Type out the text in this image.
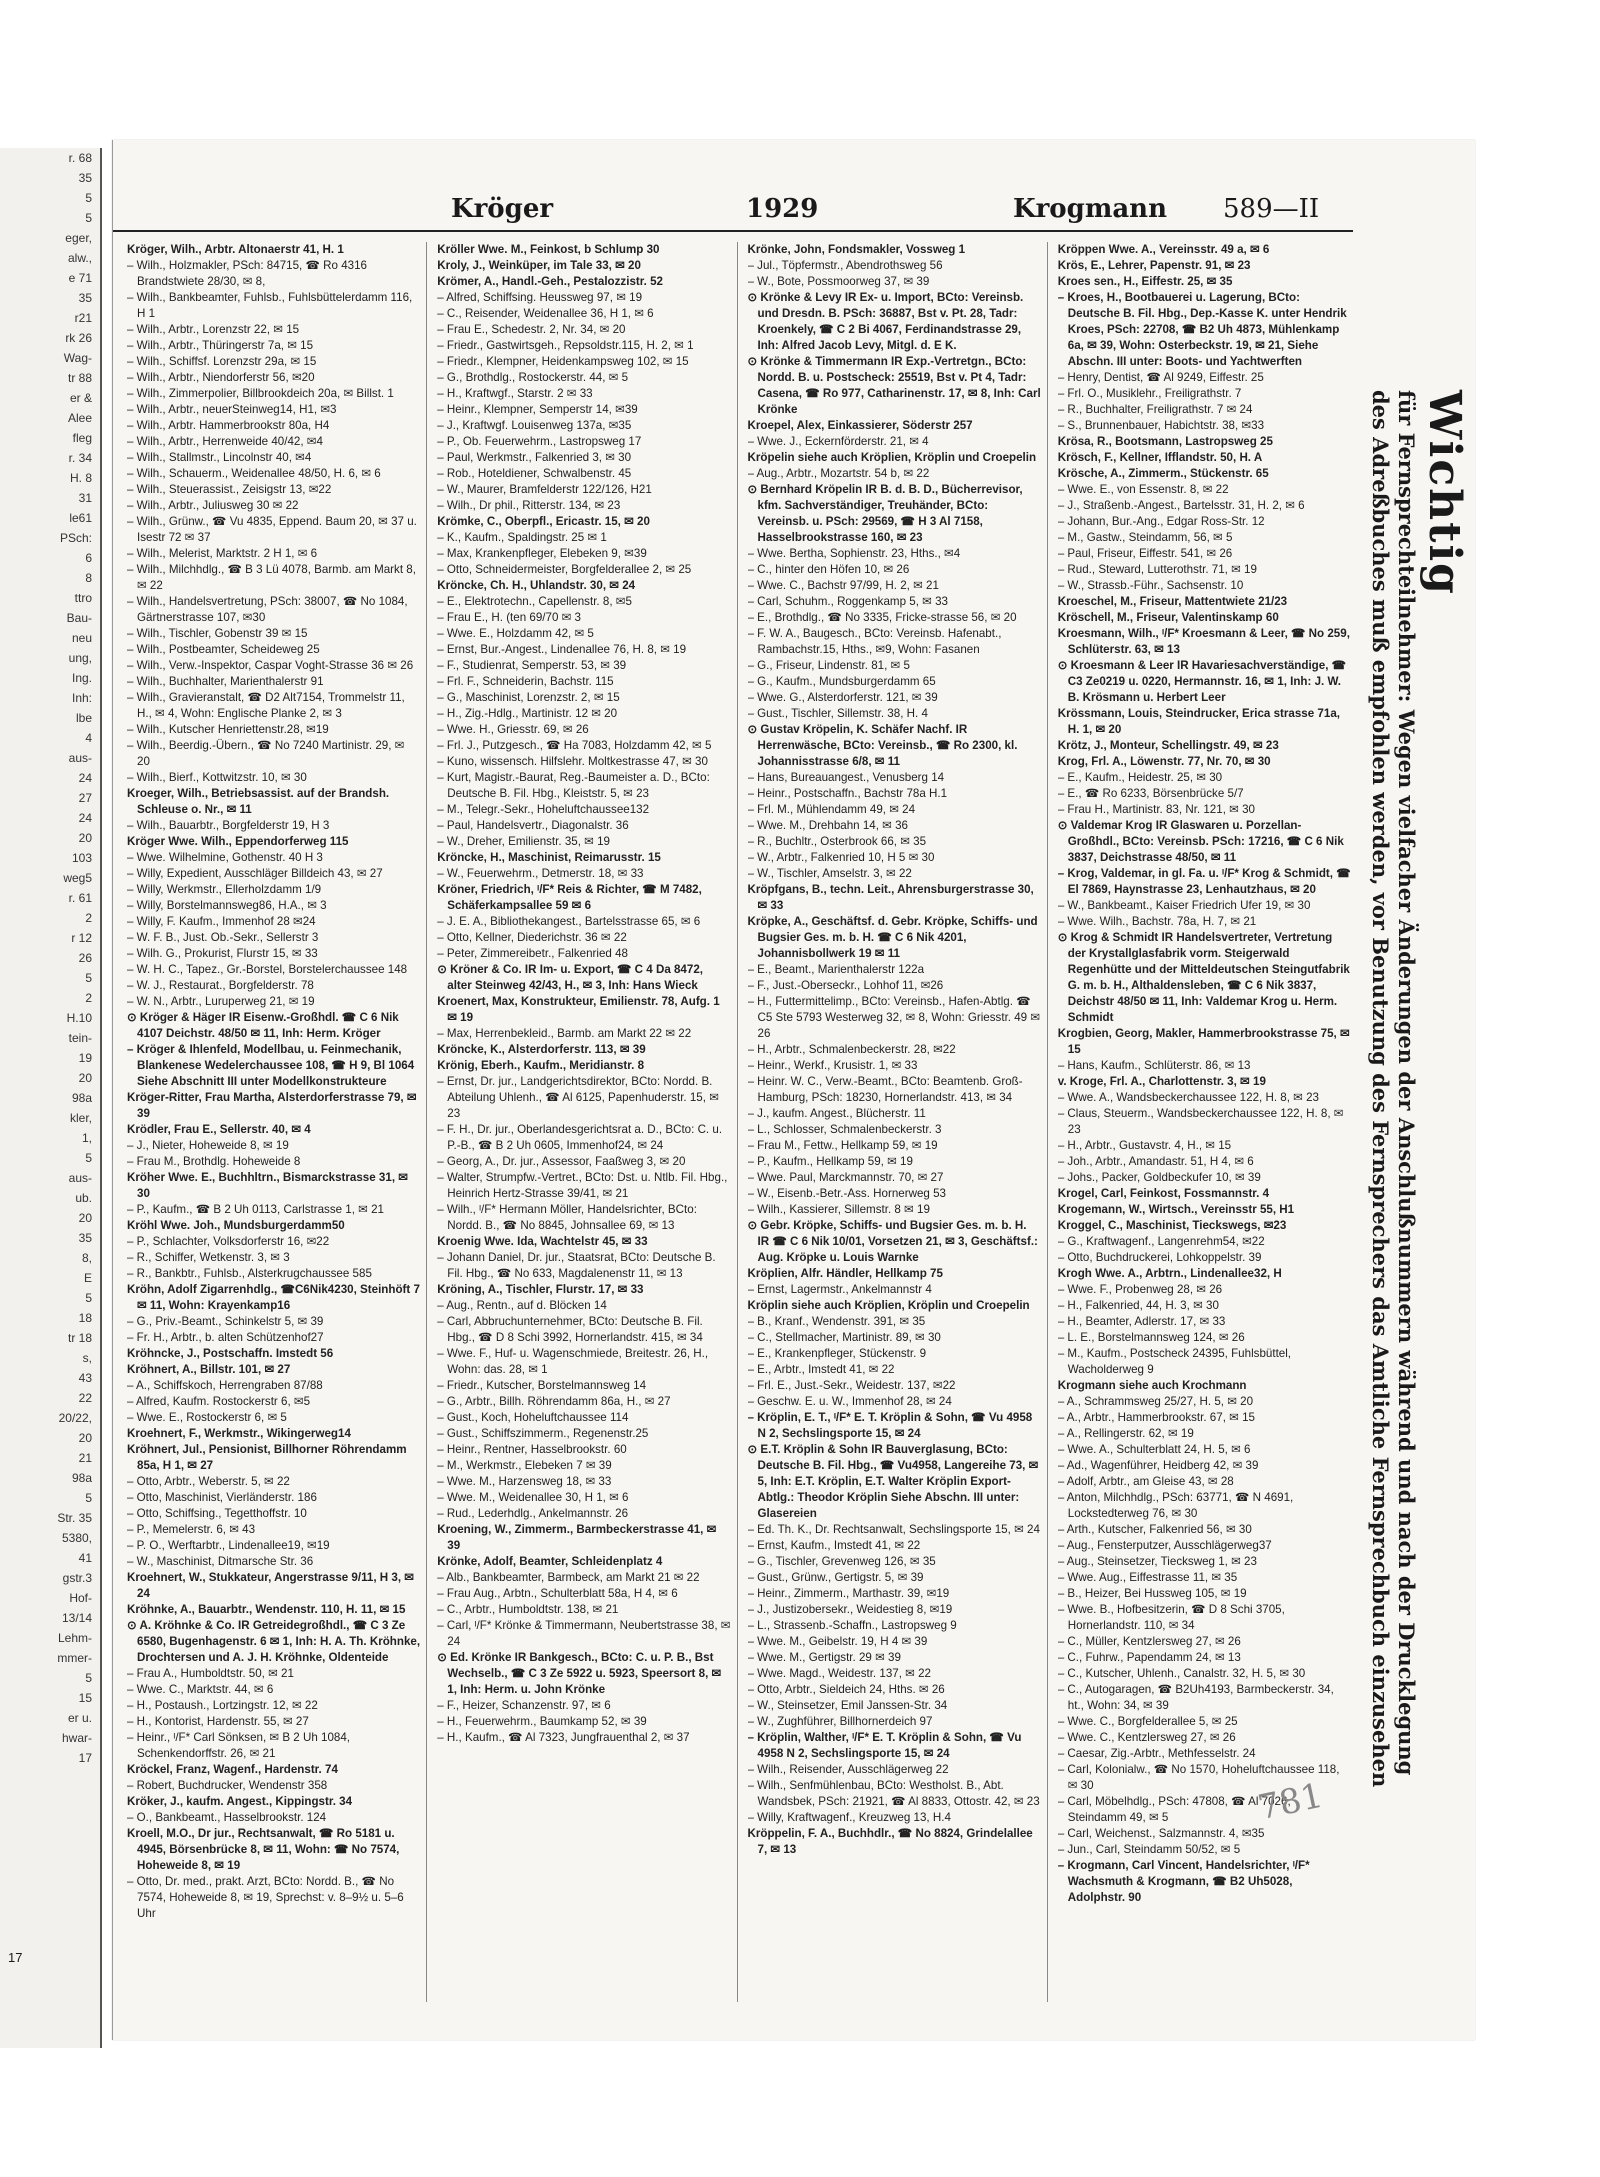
r. 68
35
5
5
eger,
alw.,
e 71
35
r21
rk 26
Wag-
tr 88
er &
Alee
fleg
r. 34
H. 8
31
le61
PSch:
6
8
ttro
Bau-
neu
ung,
Ing.
Inh:
lbe
4
aus-
24
27
24
20
103
weg5
r. 61
2
r 12
26
5
2
H.10
tein-
19
20
98a
kler,
1,
5
aus-
ub.
20
35
8,
E
5
18
tr 18
s,
43
22
20/22,
20
21
98a
5
Str. 35
5380,
41
gstr.3
Hof-
13/14
Lehm-
mmer-
5
15
er u.
hwar-
17
17
Kröger	1929	Krogmann 589—II
Kröger, Wilh., Arbtr. Altonaerstr 41, H. 1
– Wilh., Holzmakler, PSch: 84715, ☎ Ro 4316 Brandstwiete 28/30, ✉ 8,
– Wilh., Bankbeamter, Fuhlsb., Fuhlsbüttelerdamm 116, H 1
– Wilh., Arbtr., Lorenzstr 22, ✉ 15
– Wilh., Arbtr., Thüringerstr 7a, ✉ 15
– Wilh., Schiffsf. Lorenzstr 29a, ✉ 15
– Wilh., Arbtr., Niendorferstr 56, ✉20
– Wilh., Zimmerpolier, Billbrookdeich 20a, ✉ Billst. 1
– Wilh., Arbtr., neuerSteinweg14, H1, ✉3
– Wilh., Arbtr. Hammerbrookstr 80a, H4
– Wilh., Arbtr., Herrenweide 40/42, ✉4
– Wilh., Stallmstr., Lincolnstr 40, ✉4
– Wilh., Schauerm., Weidenallee 48/50, H. 6, ✉ 6
– Wilh., Steuerassist., Zeisigstr 13, ✉22
– Wilh., Arbtr., Juliusweg 30 ✉ 22
– Wilh., Grünw., ☎ Vu 4835, Eppend. Baum 20, ✉ 37 u. Isestr 72 ✉ 37
– Wilh., Melerist, Marktstr. 2 H 1, ✉ 6
– Wilh., Milchhdlg., ☎ B 3 Lü 4078, Barmb. am Markt 8, ✉ 22
– Wilh., Handelsvertretung, PSch: 38007, ☎ No 1084, Gärtnerstrasse 107, ✉30
– Wilh., Tischler, Gobenstr 39 ✉ 15
– Wilh., Postbeamter, Scheideweg 25
– Wilh., Verw.-Inspektor, Caspar Voght-Strasse 36 ✉ 26
– Wilh., Buchhalter, Marienthalerstr 91
– Wilh., Gravieranstalt, ☎ D2 Alt7154, Trommelstr 11, H., ✉ 4, Wohn: Englische Planke 2, ✉ 3
– Wilh., Kutscher Henriettenstr.28, ✉19
– Wilh., Beerdig.-Übern., ☎ No 7240 Martinistr. 29, ✉ 20
– Wilh., Bierf., Kottwitzstr. 10, ✉ 30
Kroeger, Wilh., Betriebsassist. auf der Brandsh. Schleuse o. Nr., ✉ 11
– Wilh., Bauarbtr., Borgfelderstr 19, H 3
Kröger Wwe. Wilh., Eppendorferweg 115
– Wwe. Wilhelmine, Gothenstr. 40 H 3
– Willy, Expedient, Ausschläger Billdeich 43, ✉ 27
– Willy, Werkmstr., Ellerholzdamm 1/9
– Willy, Borstelmannsweg86, H.A., ✉ 3
– Willy, F. Kaufm., Immenhof 28 ✉24
– W. F. B., Just. Ob.-Sekr., Sellerstr 3
– Wilh. G., Prokurist, Flurstr 15, ✉ 33
– W. H. C., Tapez., Gr.-Borstel, Borstelerchaussee 148
– W. J., Restaurat., Borgfelderstr. 78
– W. N., Arbtr., Luruperweg 21, ✉ 19
⊙ Kröger & Häger IR Eisenw.-Großhdl. ☎ C 6 Nik 4107 Deichstr. 48/50 ✉ 11, Inh: Herm. Kröger
– Kröger & Ihlenfeld, Modellbau, u. Feinmechanik, Blankenese Wedelerchaussee 108, ☎ H 9, Bl 1064 Siehe Abschnitt III unter Modellkonstrukteure
Kröger-Ritter, Frau Martha, Alsterdorferstrasse 79, ✉ 39
Krödler, Frau E., Sellerstr. 40, ✉ 4
– J., Nieter, Hoheweide 8, ✉ 19
– Frau M., Brothdlg. Hoheweide 8
Kröher Wwe. E., Buchhltrn., Bismarckstrasse 31, ✉ 30
– P., Kaufm., ☎ B 2 Uh 0113, Carlstrasse 1, ✉ 21
Kröhl Wwe. Joh., Mundsburgerdamm50
– P., Schlachter, Volksdorferstr 16, ✉22
– R., Schiffer, Wetkenstr. 3, ✉ 3
– R., Bankbtr., Fuhlsb., Alsterkrugchaussee 585
Kröhn, Adolf Zigarrenhdlg., ☎C6Nik4230, Steinhöft 7 ✉ 11, Wohn: Krayenkamp16
– G., Priv.-Beamt., Schinkelstr 5, ✉ 39
– Fr. H., Arbtr., b. alten Schützenhof27
Kröhncke, J., Postschaffn. Imstedt 56
Kröhnert, A., Billstr. 101, ✉ 27
– A., Schiffskoch, Herrengraben 87/88
– Alfred, Kaufm. Rostockerstr 6, ✉5
– Wwe. E., Rostockerstr 6, ✉ 5
Kroehnert, F., Werkmstr., Wikingerweg14
Kröhnert, Jul., Pensionist, Billhorner Röhrendamm 85a, H 1, ✉ 27
– Otto, Arbtr., Weberstr. 5, ✉ 22
– Otto, Maschinist, Vierländerstr. 186
– Otto, Schiffsing., Tegetthoffstr. 10
– P., Memelerstr. 6, ✉ 43
– P. O., Werftarbtr., Lindenallee19, ✉19
– W., Maschinist, Ditmarsche Str. 36
Kroehnert, W., Stukkateur, Angerstrasse 9/11, H 3, ✉ 24
Kröhnke, A., Bauarbtr., Wendenstr. 110, H. 11, ✉ 15
⊙ A. Kröhnke & Co. IR Getreidegroßhdl., ☎ C 3 Ze 6580, Bugenhagenstr. 6 ✉ 1, Inh: H. A. Th. Kröhnke, Drochtersen und A. J. H. Kröhnke, Oldenteide
– Frau A., Humboldtstr. 50, ✉ 21
– Wwe. C., Marktstr. 44, ✉ 6
– H., Postaush., Lortzingstr. 12, ✉ 22
– H., Kontorist, Hardenstr. 55, ✉ 27
– Heinr., ᴵ/F* Carl Sönksen, ✉ B 2 Uh 1084, Schenkendorffstr. 26, ✉ 21
Kröckel, Franz, Wagenf., Hardenstr. 74
– Robert, Buchdrucker, Wendenstr 358
Kröker, J., kaufm. Angest., Kippingstr. 34
– O., Bankbeamt., Hasselbrookstr. 124
Kroell, M.O., Dr jur., Rechtsanwalt, ☎ Ro 5181 u. 4945, Börsenbrücke 8, ✉ 11, Wohn: ☎ No 7574, Hoheweide 8, ✉ 19
– Otto, Dr. med., prakt. Arzt, BCto: Nordd. B., ☎ No 7574, Hoheweide 8, ✉ 19, Sprechst: v. 8–9½ u. 5–6 Uhr
Kröller Wwe. M., Feinkost, b Schlump 30
Kroly, J., Weinküper, im Tale 33, ✉ 20
Krömer, A., Handl.-Geh., Pestalozzistr. 52
– Alfred, Schiffsing. Heussweg 97, ✉ 19
– C., Reisender, Weidenallee 36, H 1, ✉ 6
– Frau E., Schedestr. 2, Nr. 34, ✉ 20
– Friedr., Gastwirtsgeh., Repsoldstr.115, H. 2, ✉ 1
– Friedr., Klempner, Heidenkampsweg 102, ✉ 15
– G., Brothdlg., Rostockerstr. 44, ✉ 5
– H., Kraftwgf., Starstr. 2 ✉ 33
– Heinr., Klempner, Semperstr 14, ✉39
– J., Kraftwgf. Louisenweg 137a, ✉35
– P., Ob. Feuerwehrm., Lastropsweg 17
– Paul, Werkmstr., Falkenried 3, ✉ 30
– Rob., Hoteldiener, Schwalbenstr. 45
– W., Maurer, Bramfelderstr 122/126, H21
– Wilh., Dr phil., Ritterstr. 134, ✉ 23
Krömke, C., Oberpfl., Ericastr. 15, ✉ 20
– K., Kaufm., Spaldingstr. 25 ✉ 1
– Max, Krankenpfleger, Elebeken 9, ✉39
– Otto, Schneidermeister, Borgfelderallee 2, ✉ 25
Kröncke, Ch. H., Uhlandstr. 30, ✉ 24
– E., Elektrotechn., Capellenstr. 8, ✉5
– Frau E., H. (ten 69/70 ✉ 3
– Wwe. E., Holzdamm 42, ✉ 5
– Ernst, Bur.-Angest., Lindenallee 76, H. 8, ✉ 19
– F., Studienrat, Semperstr. 53, ✉ 39
– Frl. F., Schneiderin, Bachstr. 115
– G., Maschinist, Lorenzstr. 2, ✉ 15
– H., Zig.-Hdlg., Martinistr. 12 ✉ 20
– Wwe. H., Griesstr. 69, ✉ 26
– Frl. J., Putzgesch., ☎ Ha 7083, Holzdamm 42, ✉ 5
– Kuno, wissensch. Hilfslehr. Moltkestrasse 47, ✉ 30
– Kurt, Magistr.-Baurat, Reg.-Baumeister a. D., BCto: Deutsche B. Fil. Hbg., Kleiststr. 5, ✉ 23
– M., Telegr.-Sekr., Hoheluftchaussee132
– Paul, Handelsvertr., Diagonalstr. 36
– W., Dreher, Emilienstr. 35, ✉ 19
Kröncke, H., Maschinist, Reimarusstr. 15
– W., Feuerwehrm., Detmerstr. 18, ✉ 33
Kröner, Friedrich, ᴵ/F* Reis & Richter, ☎ M 7482, Schäferkampsallee 59 ✉ 6
– J. E. A., Bibliothekangest., Bartelsstrasse 65, ✉ 6
– Otto, Kellner, Diederichstr. 36 ✉ 22
– Peter, Zimmereibetr., Falkenried 48
⊙ Kröner & Co. IR Im- u. Export, ☎ C 4 Da 8472, alter Steinweg 42/43, H., ✉ 3, Inh: Hans Wieck
Kroenert, Max, Konstrukteur, Emilienstr. 78, Aufg. 1 ✉ 19
– Max, Herrenbekleid., Barmb. am Markt 22 ✉ 22
Kröncke, K., Alsterdorferstr. 113, ✉ 39
Krönig, Eberh., Kaufm., Meridianstr. 8
– Ernst, Dr. jur., Landgerichtsdirektor, BCto: Nordd. B. Abteilung Uhlenh., ☎ Al 6125, Papenhuderstr. 15, ✉ 23
– F. H., Dr. jur., Oberlandesgerichtsrat a. D., BCto: C. u. P.-B., ☎ B 2 Uh 0605, Immenhof24, ✉ 24
– Georg, A., Dr. jur., Assessor, Faaßweg 3, ✉ 20
– Walter, Strumpfw.-Vertret., BCto: Dst. u. Ntlb. Fil. Hbg., Heinrich Hertz-Strasse 39/41, ✉ 21
– Wilh., ᴵ/F* Hermann Möller, Handelsrichter, BCto: Nordd. B., ☎ No 8845, Johnsallee 69, ✉ 13
Kroenig Wwe. Ida, Wachtelstr 45, ✉ 33
– Johann Daniel, Dr. jur., Staatsrat, BCto: Deutsche B. Fil. Hbg., ☎ No 633, Magdalenenstr 11, ✉ 13
Kröning, A., Tischler, Flurstr. 17, ✉ 33
– Aug., Rentn., auf d. Blöcken 14
– Carl, Abbruchunternehmer, BCto: Deutsche B. Fil. Hbg., ☎ D 8 Schi 3992, Hornerlandstr. 415, ✉ 34
– Wwe. F., Huf- u. Wagenschmiede, Breitestr. 26, H., Wohn: das. 28, ✉ 1
– Friedr., Kutscher, Borstelmannsweg 14
– G., Arbtr., Billh. Röhrendamm 86a, H., ✉ 27
– Gust., Koch, Hoheluftchaussee 114
– Gust., Schiffszimmerm., Regenenstr.25
– Heinr., Rentner, Hasselbrookstr. 60
– M., Werkmstr., Elebeken 7 ✉ 39
– Wwe. M., Harzensweg 18, ✉ 33
– Wwe. M., Weidenallee 30, H 1, ✉ 6
– Rud., Lederhdlg., Ankelmannstr. 26
Kroening, W., Zimmerm., Barmbeckerstrasse 41, ✉ 39
Krönke, Adolf, Beamter, Schleidenplatz 4
– Alb., Bankbeamter, Barmbeck, am Markt 21 ✉ 22
– Frau Aug., Arbtn., Schulterblatt 58a, H 4, ✉ 6
– C., Arbtr., Humboldtstr. 138, ✉ 21
– Carl, ᴵ/F* Krönke & Timmermann, Neubertstrasse 38, ✉ 24
⊙ Ed. Krönke IR Bankgesch., BCto: C. u. P. B., Bst Wechselb., ☎ C 3 Ze 5922 u. 5923, Speersort 8, ✉ 1, Inh: Herm. u. John Krönke
– F., Heizer, Schanzenstr. 97, ✉ 6
– H., Feuerwehrm., Baumkamp 52, ✉ 39
– H., Kaufm., ☎ Al 7323, Jungfrauenthal 2, ✉ 37
Krönke, John, Fondsmakler, Vossweg 1
– Jul., Töpfermstr., Abendrothsweg 56
– W., Bote, Possmoorweg 37, ✉ 39
⊙ Krönke & Levy IR Ex- u. Import, BCto: Vereinsb. und Dresdn. B. PSch: 36887, Bst v. Pt. 28, Tadr: Kroenkely, ☎ C 2 Bi 4067, Ferdinandstrasse 29, Inh: Alfred Jacob Levy, Mitgl. d. E K.
⊙ Krönke & Timmermann IR Exp.-Vertretgn., BCto: Nordd. B. u. Postscheck: 25519, Bst v. Pt 4, Tadr: Casena, ☎ Ro 977, Catharinenstr. 17, ✉ 8, Inh: Carl Krönke
Kroepel, Alex, Einkassierer, Söderstr 257
– Wwe. J., Eckernförderstr. 21, ✉ 4
Kröpelin siehe auch Kröplien, Kröplin und Croepelin
– Aug., Arbtr., Mozartstr. 54 b, ✉ 22
⊙ Bernhard Kröpelin IR B. d. B. D., Bücherrevisor, kfm. Sachverständiger, Treuhänder, BCto: Vereinsb. u. PSch: 29569, ☎ H 3 Al 7158, Hasselbrookstrasse 160, ✉ 23
– Wwe. Bertha, Sophienstr. 23, Hths., ✉4
– C., hinter den Höfen 10, ✉ 26
– Wwe. C., Bachstr 97/99, H. 2, ✉ 21
– Carl, Schuhm., Roggenkamp 5, ✉ 33
– E., Brothdlg., ☎ No 3335, Fricke-strasse 56, ✉ 20
– F. W. A., Baugesch., BCto: Vereinsb. Hafenabt., Rambachstr.15, Hths., ✉9, Wohn: Fasanen
– G., Friseur, Lindenstr. 81, ✉ 5
– G., Kaufm., Mundsburgerdamm 65
– Wwe. G., Alsterdorferstr. 121, ✉ 39
– Gust., Tischler, Sillemstr. 38, H. 4
⊙ Gustav Kröpelin, K. Schäfer Nachf. IR Herrenwäsche, BCto: Vereinsb., ☎ Ro 2300, kl. Johannisstrasse 6/8, ✉ 11
– Hans, Bureauangest., Venusberg 14
– Heinr., Postschaffn., Bachstr 78a H.1
– Frl. M., Mühlendamm 49, ✉ 24
– Wwe. M., Drehbahn 14, ✉ 36
– R., Buchltr., Osterbrook 66, ✉ 35
– W., Arbtr., Falkenried 10, H 5 ✉ 30
– W., Tischler, Amselstr. 3, ✉ 22
Kröpfgans, B., techn. Leit., Ahrensburgerstrasse 30, ✉ 33
Kröpke, A., Geschäftsf. d. Gebr. Kröpke, Schiffs- und Bugsier Ges. m. b. H. ☎ C 6 Nik 4201, Johannisbollwerk 19 ✉ 11
– E., Beamt., Marienthalerstr 122a
– F., Just.-Oberseckr., Lohhof 11, ✉26
– H., Futtermittelimp., BCto: Vereinsb., Hafen-Abtlg. ☎ C5 Ste 5793 Westerweg 32, ✉ 8, Wohn: Griesstr. 49 ✉ 26
– H., Arbtr., Schmalenbeckerstr. 28, ✉22
– Heinr., Werkf., Krusistr. 1, ✉ 33
– Heinr. W. C., Verw.-Beamt., BCto: Beamtenb. Groß-Hamburg, PSch: 18230, Hornerlandstr. 413, ✉ 34
– J., kaufm. Angest., Blücherstr. 11
– L., Schlosser, Schmalenbeckerstr. 3
– Frau M., Fettw., Hellkamp 59, ✉ 19
– P., Kaufm., Hellkamp 59, ✉ 19
– Wwe. Paul, Marckmannstr. 70, ✉ 27
– W., Eisenb.-Betr.-Ass. Hornerweg 53
– Wilh., Kassierer, Sillemstr. 8 ✉ 19
⊙ Gebr. Kröpke, Schiffs- und Bugsier Ges. m. b. H. IR ☎ C 6 Nik 10/01, Vorsetzen 21, ✉ 3, Geschäftsf.: Aug. Kröpke u. Louis Warnke
Kröplien, Alfr. Händler, Hellkamp 75
– Ernst, Lagermstr., Ankelmannstr 4
Kröplin siehe auch Kröplien, Kröplin und Croepelin
– B., Kranf., Wendenstr. 391, ✉ 35
– C., Stellmacher, Martinistr. 89, ✉ 30
– E., Krankenpfleger, Stückenstr. 9
– E., Arbtr., Imstedt 41, ✉ 22
– Frl. E., Just.-Sekr., Weidestr. 137, ✉22
– Geschw. E. u. W., Immenhof 28, ✉ 24
– Kröplin, E. T., ᴵ/F* E. T. Kröplin & Sohn, ☎ Vu 4958 N 2, Sechslingsporte 15, ✉ 24
⊙ E.T. Kröplin & Sohn IR Bauverglasung, BCto: Deutsche B. Fil. Hbg., ☎ Vu4958, Langereihe 73, ✉ 5, Inh: E.T. Kröplin, E.T. Walter Kröplin Export-Abtlg.: Theodor Kröplin Siehe Abschn. III unter: Glasereien
– Ed. Th. K., Dr. Rechtsanwalt, Sechslingsporte 15, ✉ 24
– Ernst, Kaufm., Imstedt 41, ✉ 22
– G., Tischler, Grevenweg 126, ✉ 35
– Gust., Grünw., Gertigstr. 5, ✉ 39
– Heinr., Zimmerm., Marthastr. 39, ✉19
– J., Justizobersekr., Weidestieg 8, ✉19
– L., Strassenb.-Schaffn., Lastropsweg 9
– Wwe. M., Geibelstr. 19, H 4 ✉ 39
– Wwe. M., Gertigstr. 29 ✉ 39
– Wwe. Magd., Weidestr. 137, ✉ 22
– Otto, Arbtr., Sieldeich 24, Hths. ✉ 26
– W., Steinsetzer, Emil Janssen-Str. 34
– W., Zughführer, Billhornerdeich 97
– Kröplin, Walther, ᴵ/F* E. T. Kröplin & Sohn, ☎ Vu 4958 N 2, Sechslingsporte 15, ✉ 24
– Wilh., Reisender, Ausschlägerweg 22
– Wilh., Senfmühlenbau, BCto: Westholst. B., Abt. Wandsbek, PSch: 21921, ☎ Al 8833, Ottostr. 42, ✉ 23
– Willy, Kraftwagenf., Kreuzweg 13, H.4
Kröppelin, F. A., Buchhdlr., ☎ No 8824, Grindelallee 7, ✉ 13
Kröppen Wwe. A., Vereinsstr. 49 a, ✉ 6
Krös, E., Lehrer, Papenstr. 91, ✉ 23
Kroes sen., H., Eiffestr. 25, ✉ 35
– Kroes, H., Bootbauerei u. Lagerung, BCto: Deutsche B. Fil. Hbg., Dep.-Kasse K. unter Hendrik Kroes, PSch: 22708, ☎ B2 Uh 4873, Mühlenkamp 6a, ✉ 39, Wohn: Osterbeckstr. 19, ✉ 21, Siehe Abschn. III unter: Boots- und Yachtwerften
– Henry, Dentist, ☎ Al 9249, Eiffestr. 25
– Frl. O., Musiklehr., Freiligrathstr. 7
– R., Buchhalter, Freiligrathstr. 7 ✉ 24
– S., Brunnenbauer, Habichtstr. 38, ✉33
Krösa, R., Bootsmann, Lastropsweg 25
Krösch, F., Kellner, Ifflandstr. 50, H. A
Krösche, A., Zimmerm., Stückenstr. 65
– Wwe. E., von Essenstr. 8, ✉ 22
– J., Straßenb.-Angest., Bartelsstr. 31, H. 2, ✉ 6
– Johann, Bur.-Ang., Edgar Ross-Str. 12
– M., Gastw., Steindamm, 56, ✉ 5
– Paul, Friseur, Eiffestr. 541, ✉ 26
– Rud., Steward, Lutterothstr. 71, ✉ 19
– W., Strassb.-Führ., Sachsenstr. 10
Kroeschel, M., Friseur, Mattentwiete 21/23
Kröschell, M., Friseur, Valentinskamp 60
Kroesmann, Wilh., ᴵ/F* Kroesmann & Leer, ☎ No 259, Schlüterstr. 63, ✉ 13
⊙ Kroesmann & Leer IR Havariesachverständige, ☎ C3 Ze0219 u. 0220, Hermannstr. 16, ✉ 1, Inh: J. W. B. Krösmann u. Herbert Leer
Krössmann, Louis, Steindrucker, Erica strasse 71a, H. 1, ✉ 20
Krötz, J., Monteur, Schellingstr. 49, ✉ 23
Krog, Frl. A., Löwenstr. 77, Nr. 70, ✉ 30
– E., Kaufm., Heidestr. 25, ✉ 30
– E., ☎ Ro 6233, Börsenbrücke 5/7
– Frau H., Martinistr. 83, Nr. 121, ✉ 30
⊙ Valdemar Krog IR Glaswaren u. Porzellan-Großhdl., BCto: Vereinsb. PSch: 17216, ☎ C 6 Nik 3837, Deichstrasse 48/50, ✉ 11
– Krog, Valdemar, in gl. Fa. u. ᴵ/F* Krog & Schmidt, ☎ El 7869, Haynstrasse 23, Lenhautzhaus, ✉ 20
– W., Bankbeamt., Kaiser Friedrich Ufer 19, ✉ 30
– Wwe. Wilh., Bachstr. 78a, H. 7, ✉ 21
⊙ Krog & Schmidt IR Handelsvertreter, Vertretung der Krystallglasfabrik vorm. Steigerwald Regenhütte und der Mitteldeutschen Steingutfabrik G. m. b. H., Althaldensleben, ☎ C 6 Nik 3837, Deichstr 48/50 ✉ 11, Inh: Valdemar Krog u. Herm. Schmidt
Krogbien, Georg, Makler, Hammerbrookstrasse 75, ✉ 15
– Hans, Kaufm., Schlüterstr. 86, ✉ 13
v. Kroge, Frl. A., Charlottenstr. 3, ✉ 19
– Wwe. A., Wandsbeckerchaussee 122, H. 8, ✉ 23
– Claus, Steuerm., Wandsbeckerchaussee 122, H. 8, ✉ 23
– H., Arbtr., Gustavstr. 4, H., ✉ 15
– Joh., Arbtr., Amandastr. 51, H 4, ✉ 6
– Johs., Packer, Goldbeckufer 10, ✉ 39
Krogel, Carl, Feinkost, Fossmannstr. 4
Krogemann, W., Wirtsch., Vereinsstr 55, H1
Kroggel, C., Maschinist, Tieckswegs, ✉23
– G., Kraftwagenf., Langenrehm54, ✉22
– Otto, Buchdruckerei, Lohkoppelstr. 39
Krogh Wwe. A., Arbtrn., Lindenallee32, H
– Wwe. F., Probenweg 28, ✉ 26
– H., Falkenried, 44, H. 3, ✉ 30
– H., Beamter, Adlerstr. 17, ✉ 33
– L. E., Borstelmannsweg 124, ✉ 26
– M., Kaufm., Postscheck 24395, Fuhlsbüttel, Wacholderweg 9
Krogmann siehe auch Krochmann
– A., Schrammsweg 25/27, H. 5, ✉ 20
– A., Arbtr., Hammerbrookstr. 67, ✉ 15
– A., Rellingerstr. 62, ✉ 19
– Wwe. A., Schulterblatt 24, H. 5, ✉ 6
– Ad., Wagenführer, Heidberg 42, ✉ 39
– Adolf, Arbtr., am Gleise 43, ✉ 28
– Anton, Milchhdlg., PSch: 63771, ☎ N 4691, Lockstedterweg 76, ✉ 30
– Arth., Kutscher, Falkenried 56, ✉ 30
– Aug., Fensterputzer, Ausschlägerweg37
– Aug., Steinsetzer, Tiecksweg 1, ✉ 23
– Wwe. Aug., Eiffestrasse 11, ✉ 35
– B., Heizer, Bei Hussweg 105, ✉ 19
– Wwe. B., Hofbesitzerin, ☎ D 8 Schi 3705, Hornerlandstr. 110, ✉ 34
– C., Müller, Kentzlersweg 27, ✉ 26
– C., Fuhrw., Papendamm 24, ✉ 13
– C., Kutscher, Uhlenh., Canalstr. 32, H. 5, ✉ 30
– C., Autogaragen, ☎ B2Uh4193, Barmbeckerstr. 34, ht., Wohn: 34, ✉ 39
– Wwe. C., Borgfelderallee 5, ✉ 25
– Wwe. C., Kentzlersweg 27, ✉ 26
– Caesar, Zig.-Arbtr., Methfesselstr. 24
– Carl, Kolonialw., ☎ No 1570, Hoheluftchaussee 118, ✉ 30
– Carl, Möbelhdlg., PSch: 47808, ☎ Al 7026, Steindamm 49, ✉ 5
– Carl, Weichenst., Salzmannstr. 4, ✉35
– Jun., Carl, Steindamm 50/52, ✉ 5
– Krogmann, Carl Vincent, Handelsrichter, ᴵ/F* Wachsmuth & Krogmann, ☎ B2 Uh5028, Adolphstr. 90
Wichtig
für Fernsprechteilnehmer: Wegen vielfacher Änderungen der Anschlußnummern während und nach der Drucklegung
des Adreßbuches muß empfohlen werden, vor Benutzung des Fernsprechers das Amtliche Fernsprechbuch einzusehen
781
